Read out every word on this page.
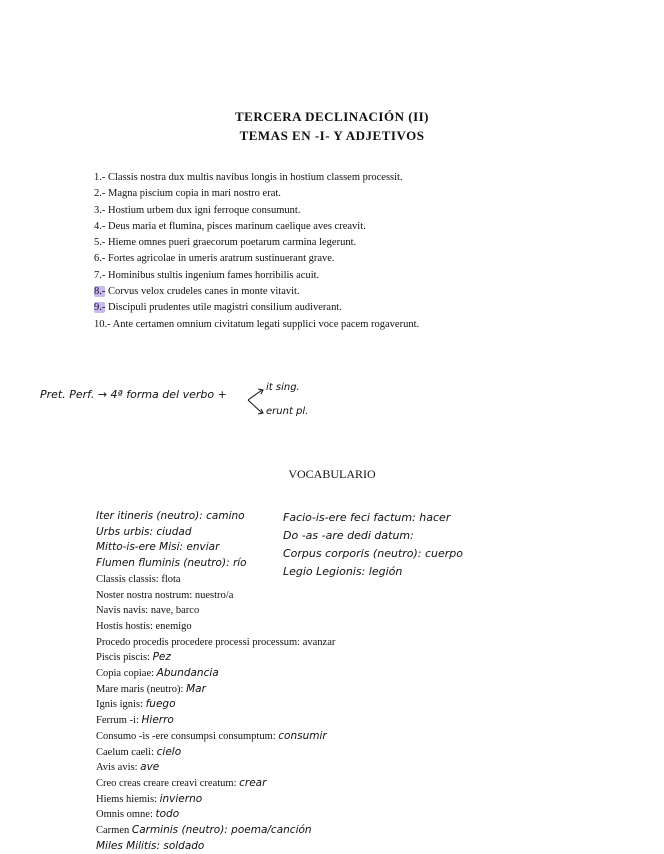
TERCERA DECLINACIÓN (II)
TEMAS EN -I- Y ADJETIVOS
1.- Classis nostra dux multis navibus longis in hostium classem processit.
2.- Magna piscium copia in mari nostro erat.
3.- Hostium urbem dux igni ferroque consumunt.
4.- Deus maria et flumina, pisces marinum caelique aves creavit.
5.- Hieme omnes pueri graecorum poetarum carmina legerunt.
6.- Fortes agricolae in umeris aratrum sustinuerant grave.
7.- Hominibus stultis ingenium fames horribilis acuit.
8.- Corvus velox crudeles canes in monte vitavit.
9.- Discipuli prudentes utile magistri consilium audiverant.
10.- Ante certamen omnium civitatum legati supplici voce pacem rogaverunt.
Pret. Perf. → 4ª forma del verbo +
it sing.
erunt pl.
VOCABULARIO
Iter itineris (neutro): camino
Urbs urbis: ciudad
Mitto-is-ere Misi: enviar
Flumen fluminis (neutro): río
Classis classis: flota
Noster nostra nostrum: nuestro/a
Navis navis: nave, barco
Hostis hostis: enemigo
Procedo procedis procedere processi processum: avanzar
Piscis piscis: Pez
Copia copiae: Abundancia
Mare maris (neutro): Mar
Ignis ignis: fuego
Ferrum -i: Hierro
Consumo -is -ere consumpsi consumptum: consumir
Caelum caeli: cielo
Avis avis: ave
Creo creas creare creavi creatum: crear
Hiems hiemis: invierno
Omnis omne: todo
Carmen Carminis (neutro): poema/canción
Miles Militis: soldado
Facio-is-ere feci factum: hacer
Do -as -are dedi datum:
Corpus corporis (neutro): cuerpo
Legio Legionis: legión
